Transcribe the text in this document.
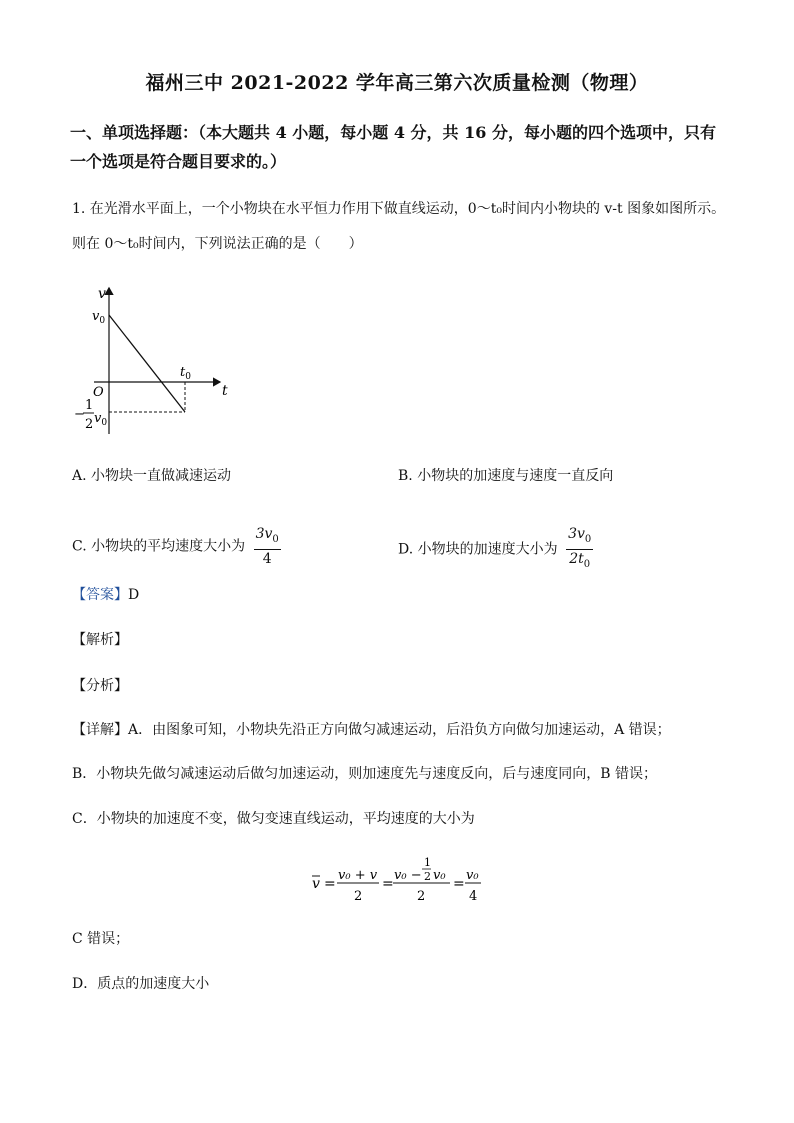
福州三中 2021-2022 学年高三第六次质量检测（物理）
一、单项选择题：（本大题共 4 小题，每小题 4 分，共 16 分，每小题的四个选项中，只有一个选项是符合题目要求的。）
1. 在光滑水平面上，一个小物块在水平恒力作用下做直线运动，0～t₀时间内小物块的 v-t 图象如图所示。
则在 0～t₀时间内，下列说法正确的是（　　）
v
t
O
$v_0$
$t_0$
−
1
2 $v_0$
A. 小物块一直做减速运动	B. 小物块的加速度与速度一直反向
C. 小物块的平均速度大小为 $\frac{3v_0}{4}$	D. 小物块的加速度大小为 $\frac{3v_0}{2t_0}$
【答案】D
【解析】
【分析】
【详解】A．由图象可知，小物块先沿正方向做匀减速运动，后沿负方向做匀加速运动，A 错误；
B．小物块先做匀减速运动后做匀加速运动，则加速度先与速度反向，后与速度同向，B 错误；
C．小物块的加速度不变，做匀变速直线运动，平均速度的大小为
v =
v₀ + v
2
=
v₀ −
1
2 v₀
2
=
v₀
4
C 错误；
D．质点的加速度大小
